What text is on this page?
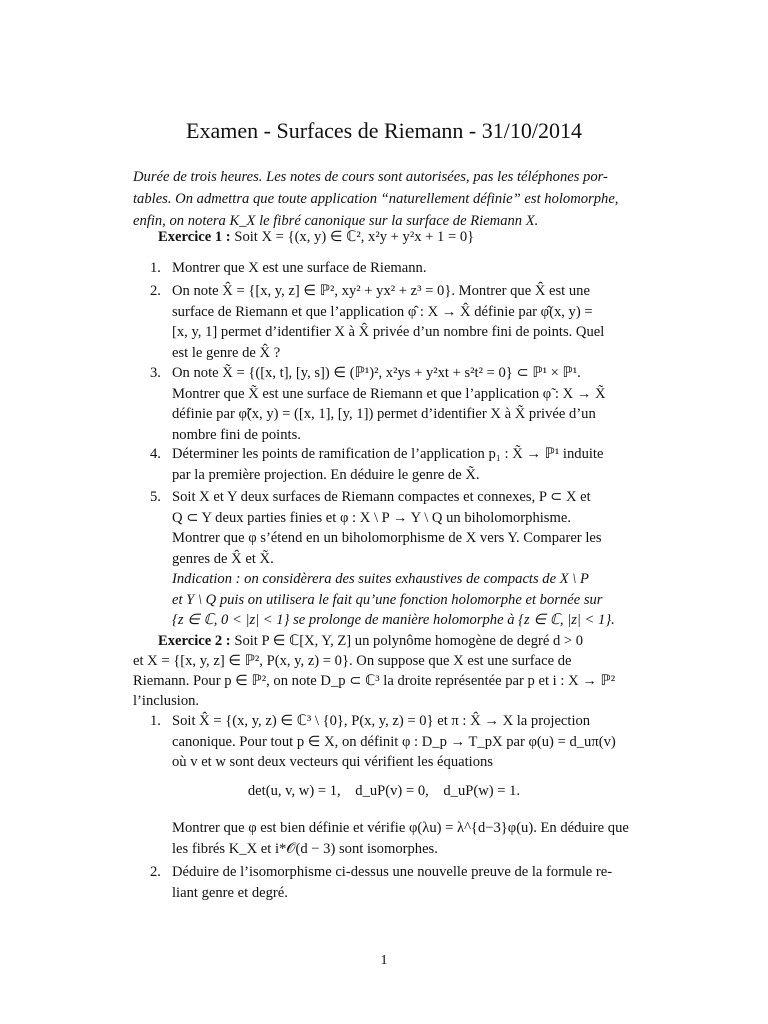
Examen - Surfaces de Riemann - 31/10/2014
Durée de trois heures. Les notes de cours sont autorisées, pas les téléphones por-
tables. On admettra que toute application “naturellement définie” est holomorphe,
enfin, on notera K_X le fibré canonique sur la surface de Riemann X.
Exercice 1 : Soit X = {(x, y) ∈ ℂ², x²y + y²x + 1 = 0}
1. Montrer que X est une surface de Riemann.
2. On note X̂ = {[x, y, z] ∈ ℙ², xy² + yx² + z³ = 0}. Montrer que X̂ est une
surface de Riemann et que l’application φ̂ : X → X̂ définie par φ̂(x, y) =
[x, y, 1] permet d’identifier X à X̂ privée d’un nombre fini de points. Quel
est le genre de X̂ ?
3. On note X̃ = {([x, t], [y, s]) ∈ (ℙ¹)², x²ys + y²xt + s²t² = 0} ⊂ ℙ¹ × ℙ¹.
Montrer que X̃ est une surface de Riemann et que l’application φ̃ : X → X̃
définie par φ̃(x, y) = ([x, 1], [y, 1]) permet d’identifier X à X̃ privée d’un
nombre fini de points.
4. Déterminer les points de ramification de l’application p₁ : X̃ → ℙ¹ induite
par la première projection. En déduire le genre de X̃.
5. Soit X et Y deux surfaces de Riemann compactes et connexes, P ⊂ X et
Q ⊂ Y deux parties finies et φ : X \ P → Y \ Q un biholomorphisme.
Montrer que φ s’étend en un biholomorphisme de X vers Y. Comparer les
genres de X̂ et X̃.
Indication : on considèrera des suites exhaustives de compacts de X \ P
et Y \ Q puis on utilisera le fait qu’une fonction holomorphe et bornée sur
{z ∈ ℂ, 0 < |z| < 1} se prolonge de manière holomorphe à {z ∈ ℂ, |z| < 1}.
Exercice 2 : Soit P ∈ ℂ[X, Y, Z] un polynôme homogène de degré d > 0
et X = {[x, y, z] ∈ ℙ², P(x, y, z) = 0}. On suppose que X est une surface de
Riemann. Pour p ∈ ℙ², on note D_p ⊂ ℂ³ la droite représentée par p et i : X → ℙ²
l’inclusion.
1. Soit X̂ = {(x, y, z) ∈ ℂ³ \ {0}, P(x, y, z) = 0} et π : X̂ → X la projection
canonique. Pour tout p ∈ X, on définit φ : D_p → T_pX par φ(u) = d_uπ(v)
où v et w sont deux vecteurs qui vérifient les équations
det(u, v, w) = 1,    d_uP(v) = 0,    d_uP(w) = 1.
Montrer que φ est bien définie et vérifie φ(λu) = λ^{d−3}φ(u). En déduire que
les fibrés K_X et i*𝒪(d − 3) sont isomorphes.
2. Déduire de l’isomorphisme ci-dessus une nouvelle preuve de la formule re-
liant genre et degré.
1
